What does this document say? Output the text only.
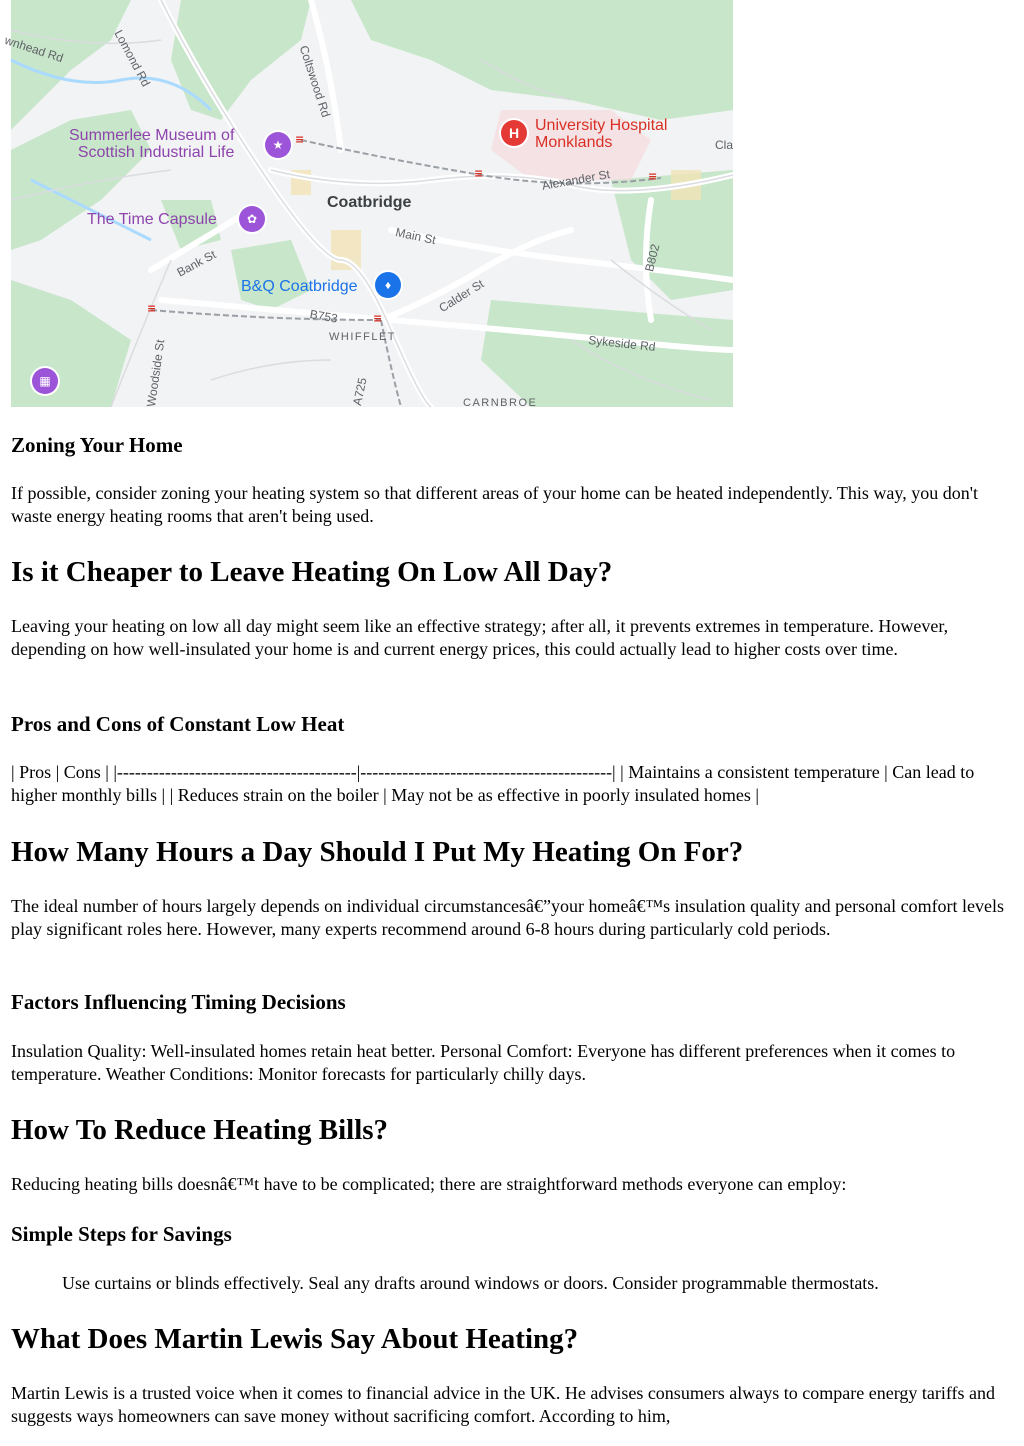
H
★
✿
♦
▦
≡
≡	≡
≡
≡
Summerlee Museum of
Scottish Industrial Life
The Time Capsule
B&Q Coatbridge
University Hospital
Monklands
Coatbridge
WHIFFLET
CARNBROE
Cla
Lomond Rd
wnhead Rd	Coltswood Rd
Alexander St
Main St
Bank St
Calder St
B753
B802
A725
Woodside St	Sykeside Rd
Zoning Your Home

If possible, consider zoning your heating system so that different areas of your home can be heated independently. This way, you don't waste energy heating rooms that aren't being used.

Is it Cheaper to Leave Heating On Low All Day?

Leaving your heating on low all day might seem like an effective strategy; after all, it prevents extremes in temperature. However, depending on how well-insulated your home is and current energy prices, this could actually lead to higher costs over time.

Pros and Cons of Constant Low Heat

| Pros | Cons | |----------------------------------------|------------------------------------------| | Maintains a consistent temperature | Can lead to higher monthly bills | | Reduces strain on the boiler | May not be as effective in poorly insulated homes |

How Many Hours a Day Should I Put My Heating On For?

The ideal number of hours largely depends on individual circumstancesâ€”your homeâ€™s insulation quality and personal comfort levels play significant roles here. However, many experts recommend around 6-8 hours during particularly cold periods.

Factors Influencing Timing Decisions

Insulation Quality: Well-insulated homes retain heat better. Personal Comfort: Everyone has different preferences when it comes to temperature. Weather Conditions: Monitor forecasts for particularly chilly days.

How To Reduce Heating Bills?

Reducing heating bills doesnâ€™t have to be complicated; there are straightforward methods everyone can employ:

Simple Steps for Savings

Use curtains or blinds effectively. Seal any drafts around windows or doors. Consider programmable thermostats.

What Does Martin Lewis Say About Heating?

Martin Lewis is a trusted voice when it comes to financial advice in the UK. He advises consumers always to compare energy tariffs and suggests ways homeowners can save money without sacrificing comfort. According to him,
